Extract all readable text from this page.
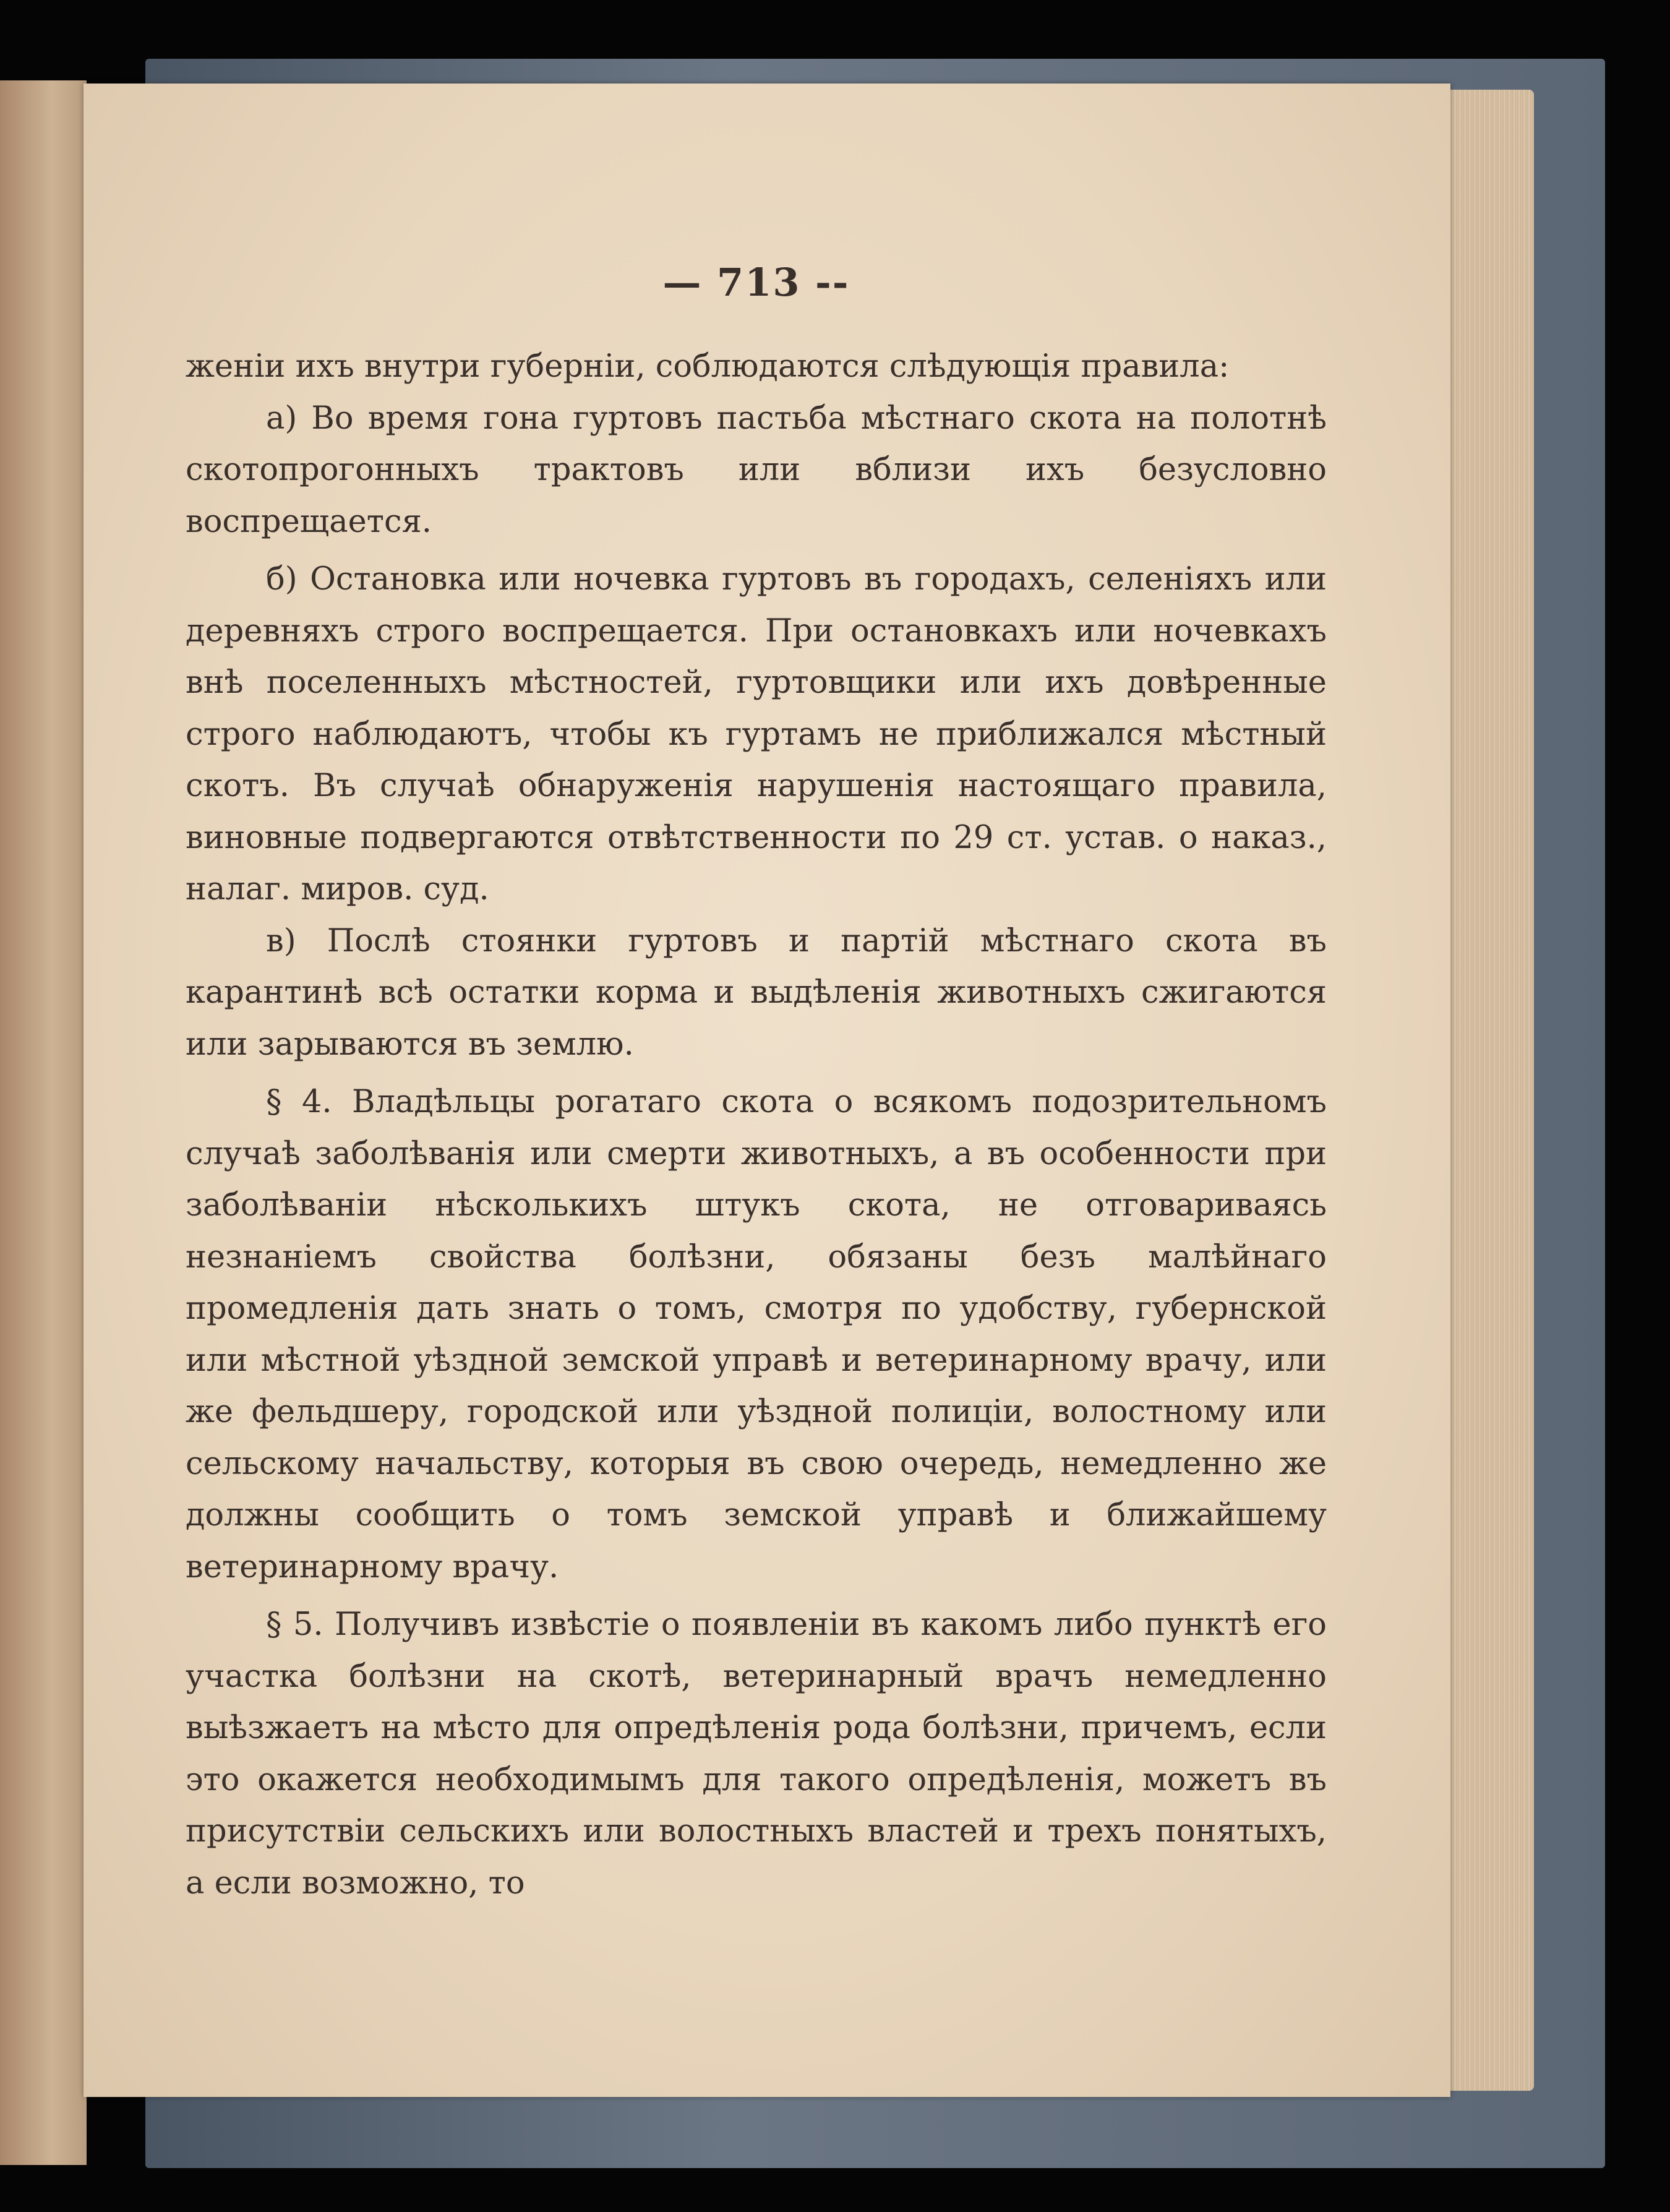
— 713 --

женіи ихъ внутри губерніи, соблюдаются слѣдующія правила:

а) Во время гона гуртовъ пастьба мѣстнаго скота на полотнѣ скотопрогонныхъ трактовъ или вблизи ихъ безусловно воспрещается.

б) Остановка или ночевка гуртовъ въ городахъ, селеніяхъ или деревняхъ строго воспрещается. При остановкахъ или ночевкахъ внѣ поселенныхъ мѣстностей, гуртовщики или ихъ довѣренные строго наблюдаютъ, чтобы къ гуртамъ не приближался мѣстный скотъ. Въ случаѣ обнаруженія нарушенія настоящаго правила, виновные подвергаются отвѣтственности по 29 ст. устав. о наказ., налаг. миров. суд.

в) Послѣ стоянки гуртовъ и партій мѣстнаго скота въ карантинѣ всѣ остатки корма и выдѣленія животныхъ сжигаются или зарываются въ землю.

§ 4. Владѣльцы рогатаго скота о всякомъ подозрительномъ случаѣ заболѣванія или смерти животныхъ, а въ особенности при заболѣваніи нѣсколькихъ штукъ скота, не отговариваясь незнаніемъ свойства болѣзни, обязаны безъ малѣйнаго промедленія дать знать о томъ, смотря по удобству, губернской или мѣстной уѣздной земской управѣ и ветеринарному врачу, или же фельдшеру, городской или уѣздной полиціи, волостному или сельскому начальству, которыя въ свою очередь, немедленно же должны сообщить о томъ земской управѣ и ближайшему ветеринарному врачу.

§ 5. Получивъ извѣстіе о появленіи въ какомъ либо пунктѣ его участка болѣзни на скотѣ, ветеринарный врачъ немедленно выѣзжаетъ на мѣсто для опредѣленія рода болѣзни, причемъ, если это окажется необходимымъ для такого опредѣленія, можетъ въ присутствіи сельскихъ или волостныхъ властей и трехъ понятыхъ, а если возможно, то
